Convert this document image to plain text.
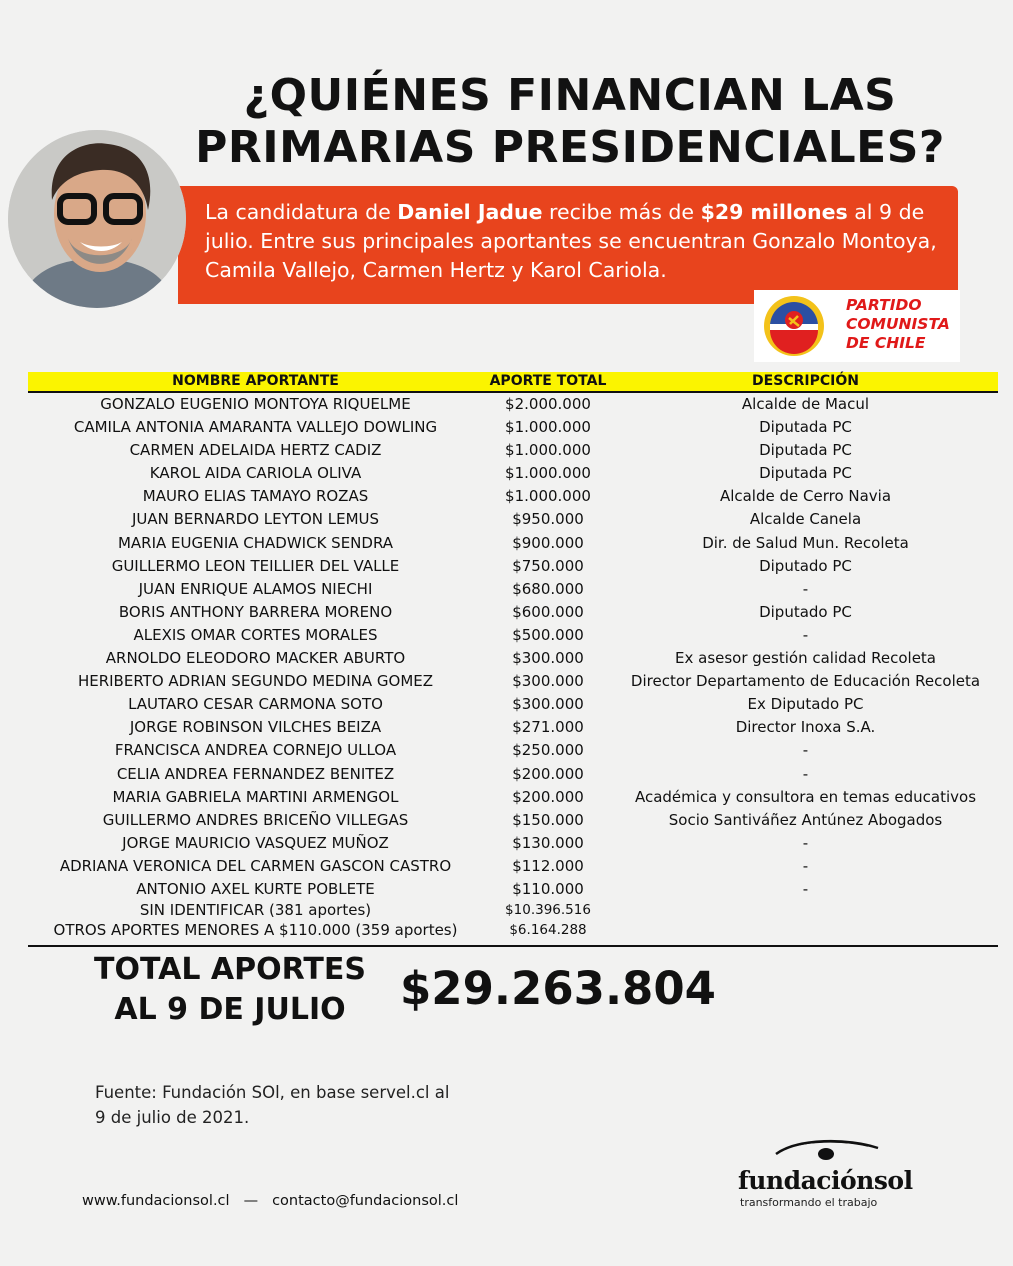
¿QUIÉNES FINANCIAN LAS
PRIMARIAS PRESIDENCIALES?
La candidatura de Daniel Jadue recibe más de $29 millones al 9 de julio. Entre sus principales aportantes se encuentran Gonzalo Montoya, Camila Vallejo, Carmen Hertz y Karol Cariola.
PARTIDO
COMUNISTA
DE CHILE
NOMBRE APORTANTE	APORTE TOTAL	DESCRIPCIÓN
GONZALO EUGENIO MONTOYA RIQUELME	$2.000.000	Alcalde de Macul
CAMILA ANTONIA AMARANTA VALLEJO DOWLING	$1.000.000	Diputada PC
CARMEN ADELAIDA HERTZ CADIZ	$1.000.000	Diputada PC
KAROL AIDA CARIOLA OLIVA	$1.000.000	Diputada PC
MAURO ELIAS TAMAYO ROZAS	$1.000.000	Alcalde de Cerro Navia
JUAN BERNARDO LEYTON LEMUS	$950.000	Alcalde Canela
MARIA EUGENIA CHADWICK SENDRA	$900.000	Dir. de Salud Mun. Recoleta
GUILLERMO LEON TEILLIER DEL VALLE	$750.000	Diputado PC
JUAN ENRIQUE ALAMOS NIECHI	$680.000	-
BORIS ANTHONY BARRERA MORENO	$600.000	Diputado PC
ALEXIS OMAR CORTES MORALES	$500.000	-
ARNOLDO ELEODORO MACKER ABURTO	$300.000	Ex asesor gestión calidad Recoleta
HERIBERTO ADRIAN SEGUNDO MEDINA GOMEZ	$300.000	Director Departamento de Educación Recoleta
LAUTARO CESAR CARMONA SOTO	$300.000	Ex Diputado PC
JORGE ROBINSON VILCHES BEIZA	$271.000	Director Inoxa S.A.
FRANCISCA ANDREA CORNEJO ULLOA	$250.000	-
CELIA ANDREA FERNANDEZ BENITEZ	$200.000	-
MARIA GABRIELA MARTINI ARMENGOL	$200.000	Académica y consultora en temas educativos
GUILLERMO ANDRES BRICEÑO VILLEGAS	$150.000	Socio Santiváñez Antúnez Abogados
JORGE MAURICIO VASQUEZ MUÑOZ	$130.000	-
ADRIANA VERONICA DEL CARMEN GASCON CASTRO	$112.000	-
ANTONIO AXEL KURTE POBLETE	$110.000	-
SIN IDENTIFICAR (381 aportes)	$10.396.516
OTROS APORTES MENORES A $110.000 (359 aportes)	$6.164.288
TOTAL APORTES
AL 9 DE JULIO	$29.263.804
Fuente: Fundación SOl, en base servel.cl al
9 de julio de 2021.
www.fundacionsol.cl — contacto@fundacionsol.cl
fundaciónsol
transformando el trabajo
